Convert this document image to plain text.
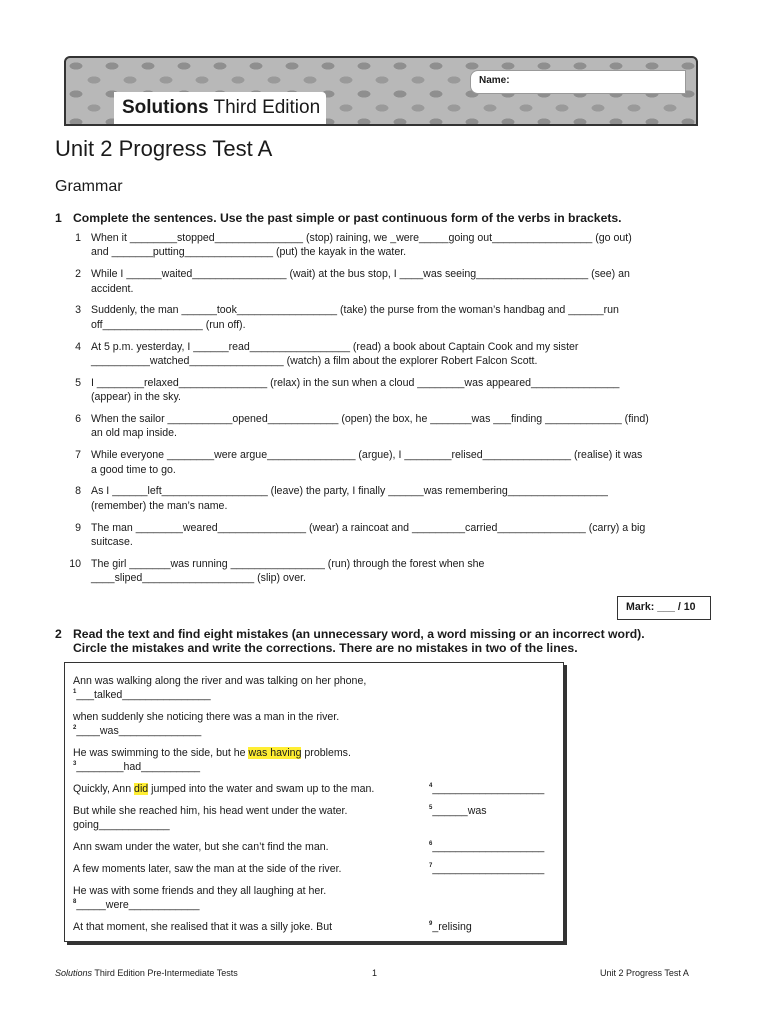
Solutions Third Edition
Name:
Unit 2 Progress Test A
Grammar
1 Complete the sentences. Use the past simple or past continuous form of the verbs in brackets.
1 When it ________stopped_______________ (stop) raining, we _were_____going out_________________ (go out)
and _______putting_______________ (put) the kayak in the water.
2 While I ______waited________________ (wait) at the bus stop, I ____was seeing___________________ (see) an
accident.
3 Suddenly, the man ______took_________________ (take) the purse from the woman’s handbag and ______run
off_________________ (run off).
4 At 5 p.m. yesterday, I ______read_________________ (read) a book about Captain Cook and my sister
__________watched________________ (watch) a film about the explorer Robert Falcon Scott.
5 I ________relaxed_______________ (relax) in the sun when a cloud ________was appeared_______________
(appear) in the sky.
6 When the sailor ___________opened____________ (open) the box, he _______was ___finding _____________ (find)
an old map inside.
7 While everyone ________were argue_______________ (argue), I ________relised_______________ (realise) it was
a good time to go.
8 As I ______left__________________ (leave) the party, I finally ______was remembering_________________
(remember) the man’s name.
9 The man ________weared_______________ (wear) a raincoat and _________carried_______________ (carry) a big
suitcase.
10 The girl _______was running ________________ (run) through the forest when she
____sliped___________________ (slip) over.
Mark: ___ / 10
2 Read the text and find eight mistakes (an unnecessary word, a word missing or an incorrect word).
Circle the mistakes and write the corrections. There are no mistakes in two of the lines.
Ann was walking along the river and was talking on her phone,
$^1$___talked_______________
when suddenly she noticing there was a man in the river.
$^2$____was______________
He was swimming to the side, but he was having problems.
$^3$________had__________
Quickly, Ann did jumped into the water and swam up to the man.	$^4$___________________
But while she reached him, his head went under the water.	$^5$______was
going____________
Ann swam under the water, but she can’t find the man.	$^6$___________________
A few moments later, saw the man at the side of the river.	$^7$___________________
He was with some friends and they all laughing at her.
$^8$_____were____________
At that moment, she realised that it was a silly joke. But	$^9$_relising
Solutions Third Edition Pre-Intermediate Tests	1	Unit 2 Progress Test A
